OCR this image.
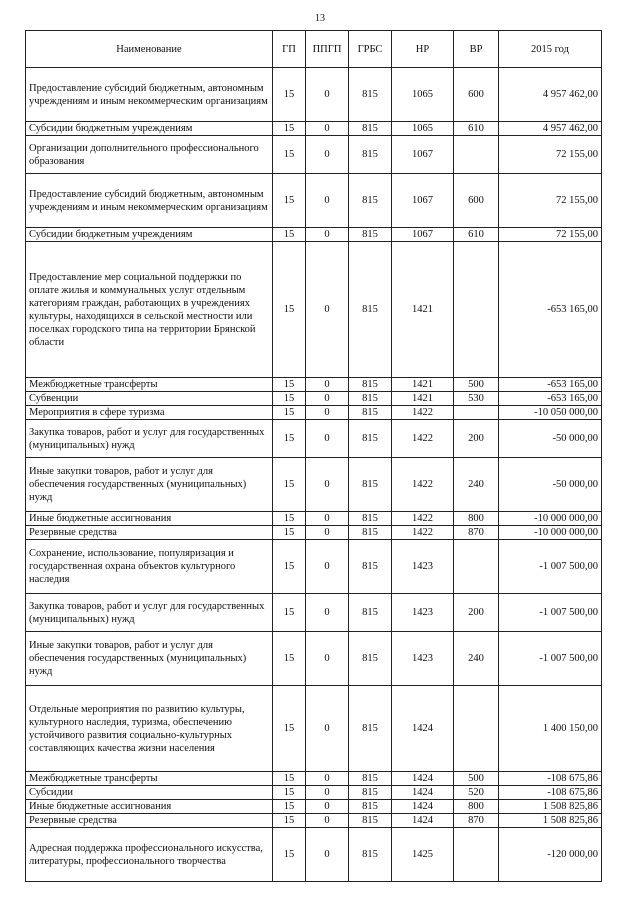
13
Наименование	ГП	ППГП	ГРБС	НР	ВР	2015 год
Предоставление субсидий бюджетным, автономным учреждениям и иным некоммерческим организациям	15	0	815	1065	600	4 957 462,00
Субсидии бюджетным учреждениям	15	0	815	1065	610	4 957 462,00
Организации дополнительного профессионального образования	15	0	815	1067		72 155,00
Предоставление субсидий бюджетным, автономным учреждениям и иным некоммерческим организациям	15	0	815	1067	600	72 155,00
Субсидии бюджетным учреждениям	15	0	815	1067	610	72 155,00
Предоставление мер социальной поддержки по оплате жилья и коммунальных услуг отдельным категориям граждан, работающих в учреждениях культуры, находящихся в сельской местности или поселках городского типа на территории Брянской области	15	0	815	1421		-653 165,00
Межбюджетные трансферты	15	0	815	1421	500	-653 165,00
Субвенции	15	0	815	1421	530	-653 165,00
Мероприятия в сфере туризма	15	0	815	1422		-10 050 000,00
Закупка товаров, работ и услуг для государственных (муниципальных) нужд	15	0	815	1422	200	-50 000,00
Иные закупки товаров, работ и услуг для обеспечения государственных (муниципальных) нужд	15	0	815	1422	240	-50 000,00
Иные бюджетные ассигнования	15	0	815	1422	800	-10 000 000,00
Резервные средства	15	0	815	1422	870	-10 000 000,00
Сохранение, использование, популяризация и государственная охрана объектов культурного наследия	15	0	815	1423		-1 007 500,00
Закупка товаров, работ и услуг для государственных (муниципальных) нужд	15	0	815	1423	200	-1 007 500,00
Иные закупки товаров, работ и услуг для обеспечения государственных (муниципальных) нужд	15	0	815	1423	240	-1 007 500,00
Отдельные мероприятия по развитию культуры, культурного наследия, туризма, обеспечению устойчивого развития социально-культурных составляющих качества жизни населения	15	0	815	1424		1 400 150,00
Межбюджетные трансферты	15	0	815	1424	500	-108 675,86
Субсидии	15	0	815	1424	520	-108 675,86
Иные бюджетные ассигнования	15	0	815	1424	800	1 508 825,86
Резервные средства	15	0	815	1424	870	1 508 825,86
Адресная поддержка профессионального искусства, литературы, профессионального творчества	15	0	815	1425		-120 000,00
